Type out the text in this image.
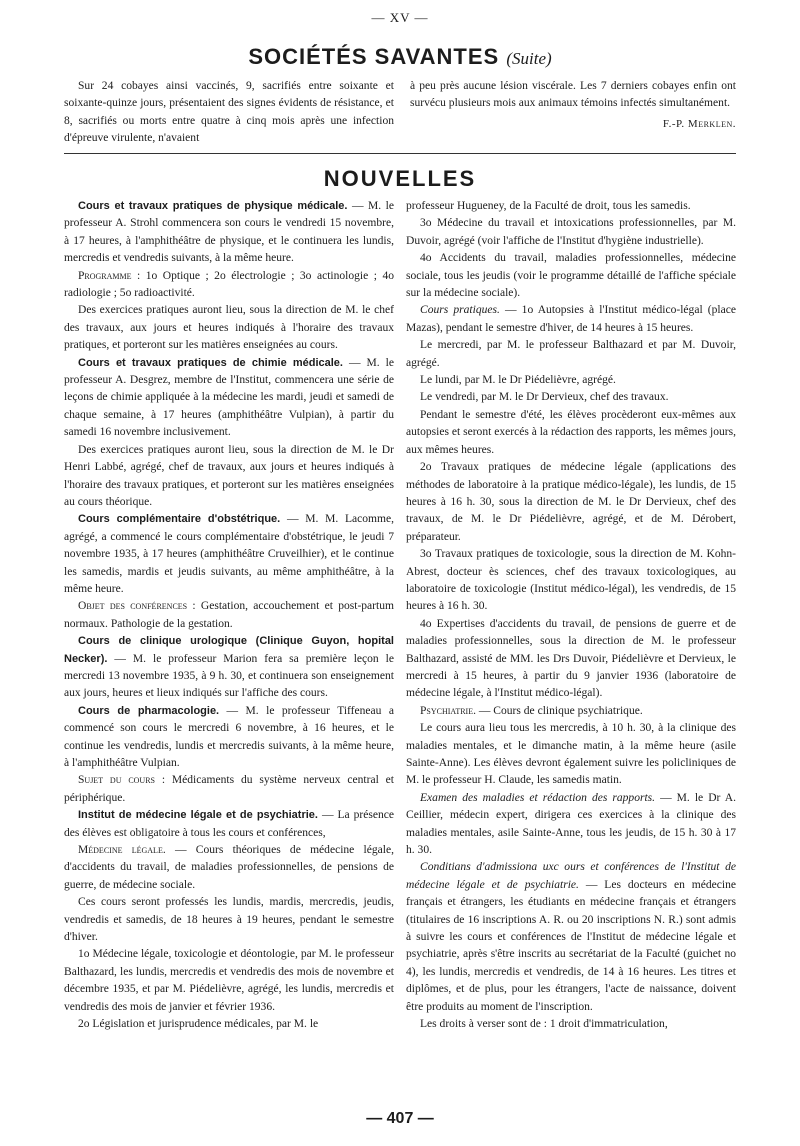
— XV —
SOCIÉTÉS SAVANTES (Suite)

Sur 24 cobayes ainsi vaccinés, 9, sacrifiés entre soixante et soixante-quinze jours, présentaient des signes évidents de résistance, et 8, sacrifiés ou morts entre quatre à cinq mois après une infection d'épreuve virulente, n'avaient

à peu près aucune lésion viscérale. Les 7 derniers cobayes enfin ont survécu plusieurs mois aux animaux témoins infectés simultanément.

F.-P. Merklen.
NOUVELLES

Cours et travaux pratiques de physique médicale. — M. le professeur A. Strohl commencera son cours le vendredi 15 novembre, à 17 heures, à l'amphithéâtre de physique, et le continuera les lundis, mercredis et vendredis suivants, à la même heure.

Programme : 1o Optique ; 2o électrologie ; 3o actinologie ; 4o radiologie ; 5o radioactivité.

Des exercices pratiques auront lieu, sous la direction de M. le chef des travaux, aux jours et heures indiqués à l'horaire des travaux pratiques, et porteront sur les matières enseignées au cours.

Cours et travaux pratiques de chimie médicale. — M. le professeur A. Desgrez, membre de l'Institut, commencera une série de leçons de chimie appliquée à la médecine les mardi, jeudi et samedi de chaque semaine, à 17 heures (amphithéâtre Vulpian), à partir du samedi 16 novembre inclusivement.

Des exercices pratiques auront lieu, sous la direction de M. le Dr Henri Labbé, agrégé, chef de travaux, aux jours et heures indiqués à l'horaire des travaux pratiques, et porteront sur les matières enseignées au cours théorique.

Cours complémentaire d'obstétrique. — M. M. Lacomme, agrégé, a commencé le cours complémentaire d'obstétrique, le jeudi 7 novembre 1935, à 17 heures (amphithéâtre Cruveilhier), et le continue les samedis, mardis et jeudis suivants, au même amphithéâtre, à la même heure.

Objet des conférences : Gestation, accouchement et post-partum normaux. Pathologie de la gestation.

Cours de clinique urologique (Clinique Guyon, hopital Necker). — M. le professeur Marion fera sa première leçon le mercredi 13 novembre 1935, à 9 h. 30, et continuera son enseignement aux jours, heures et lieux indiqués sur l'affiche des cours.

Cours de pharmacologie. — M. le professeur Tiffeneau a commencé son cours le mercredi 6 novembre, à 16 heures, et le continue les vendredis, lundis et mercredis suivants, à la même heure, à l'amphithéâtre Vulpian.

Sujet du cours : Médicaments du système nerveux central et périphérique.

Institut de médecine légale et de psychiatrie. — La présence des élèves est obligatoire à tous les cours et conférences,

Médecine légale. — Cours théoriques de médecine légale, d'accidents du travail, de maladies professionnelles, de pensions de guerre, de médecine sociale.

Ces cours seront professés les lundis, mardis, mercredis, jeudis, vendredis et samedis, de 18 heures à 19 heures, pendant le semestre d'hiver.

1o Médecine légale, toxicologie et déontologie, par M. le professeur Balthazard, les lundis, mercredis et vendredis des mois de novembre et décembre 1935, et par M. Piédelièvre, agrégé, les lundis, mercredis et vendredis des mois de janvier et février 1936.

2o Législation et jurisprudence médicales, par M. le

professeur Huguenеy, de la Faculté de droit, tous les samedis.

3o Médecine du travail et intoxications professionnelles, par M. Duvoir, agrégé (voir l'affiche de l'Institut d'hygiène industrielle).

4o Accidents du travail, maladies professionnelles, médecine sociale, tous les jeudis (voir le programme détaillé de l'affiche spéciale sur la médecine sociale).

Cours pratiques. — 1o Autopsies à l'Institut médico-légal (place Mazas), pendant le semestre d'hiver, de 14 heures à 15 heures.

Le mercredi, par M. le professeur Balthazard et par M. Duvoir, agrégé.

Le lundi, par M. le Dr Piédelièvre, agrégé.

Le vendredi, par M. le Dr Dervieux, chef des travaux.

Pendant le semestre d'été, les élèves procèderont eux-mêmes aux autopsies et seront exercés à la rédaction des rapports, les mêmes jours, aux mêmes heures.

2o Travaux pratiques de médecine légale (applications des méthodes de laboratoire à la pratique médico-légale), les lundis, de 15 heures à 16 h. 30, sous la direction de M. le Dr Dervieux, chef des travaux, de M. le Dr Piédelièvre, agrégé, et de M. Dérobert, préparateur.

3o Travaux pratiques de toxicologie, sous la direction de M. Kohn-Abrest, docteur ès sciences, chef des travaux toxicologiques, au laboratoire de toxicologie (Institut médico-légal), les vendredis, de 15 heures à 16 h. 30.

4o Expertises d'accidents du travail, de pensions de guerre et de maladies professionnelles, sous la direction de M. le professeur Balthazard, assisté de MM. les Drs Duvoir, Piédelièvre et Dervieux, le mercredi à 15 heures, à partir du 9 janvier 1936 (laboratoire de médecine légale, à l'Institut médico-légal).

Psychiatrie. — Cours de clinique psychiatrique.

Le cours aura lieu tous les mercredis, à 10 h. 30, à la clinique des maladies mentales, et le dimanche matin, à la même heure (asile Sainte-Anne). Les élèves devront également suivre les policliniques de M. le professeur H. Claude, les samedis matin.

Examen des maladies et rédaction des rapports. — M. le Dr A. Ceillier, médecin expert, dirigera ces exercices à la clinique des maladies mentales, asile Sainte-Anne, tous les jeudis, de 15 h. 30 à 17 h. 30.

Conditians d'admissiona uxc ours et conférences de l'Institut de médecine légale et de psychiatrie. — Les docteurs en médecine français et étrangers, les étudiants en médecine français et étrangers (titulaires de 16 inscriptions A. R. ou 20 inscriptions N. R.) sont admis à suivre les cours et conférences de l'Institut de médecine légale et psychiatrie, après s'être inscrits au secrétariat de la Faculté (guichet no 4), les lundis, mercredis et vendredis, de 14 à 16 heures. Les titres et diplômes, et de plus, pour les étrangers, l'acte de naissance, doivent être produits au moment de l'inscription.

Les droits à verser sont de : 1 droit d'immatriculation,

— 407 —
